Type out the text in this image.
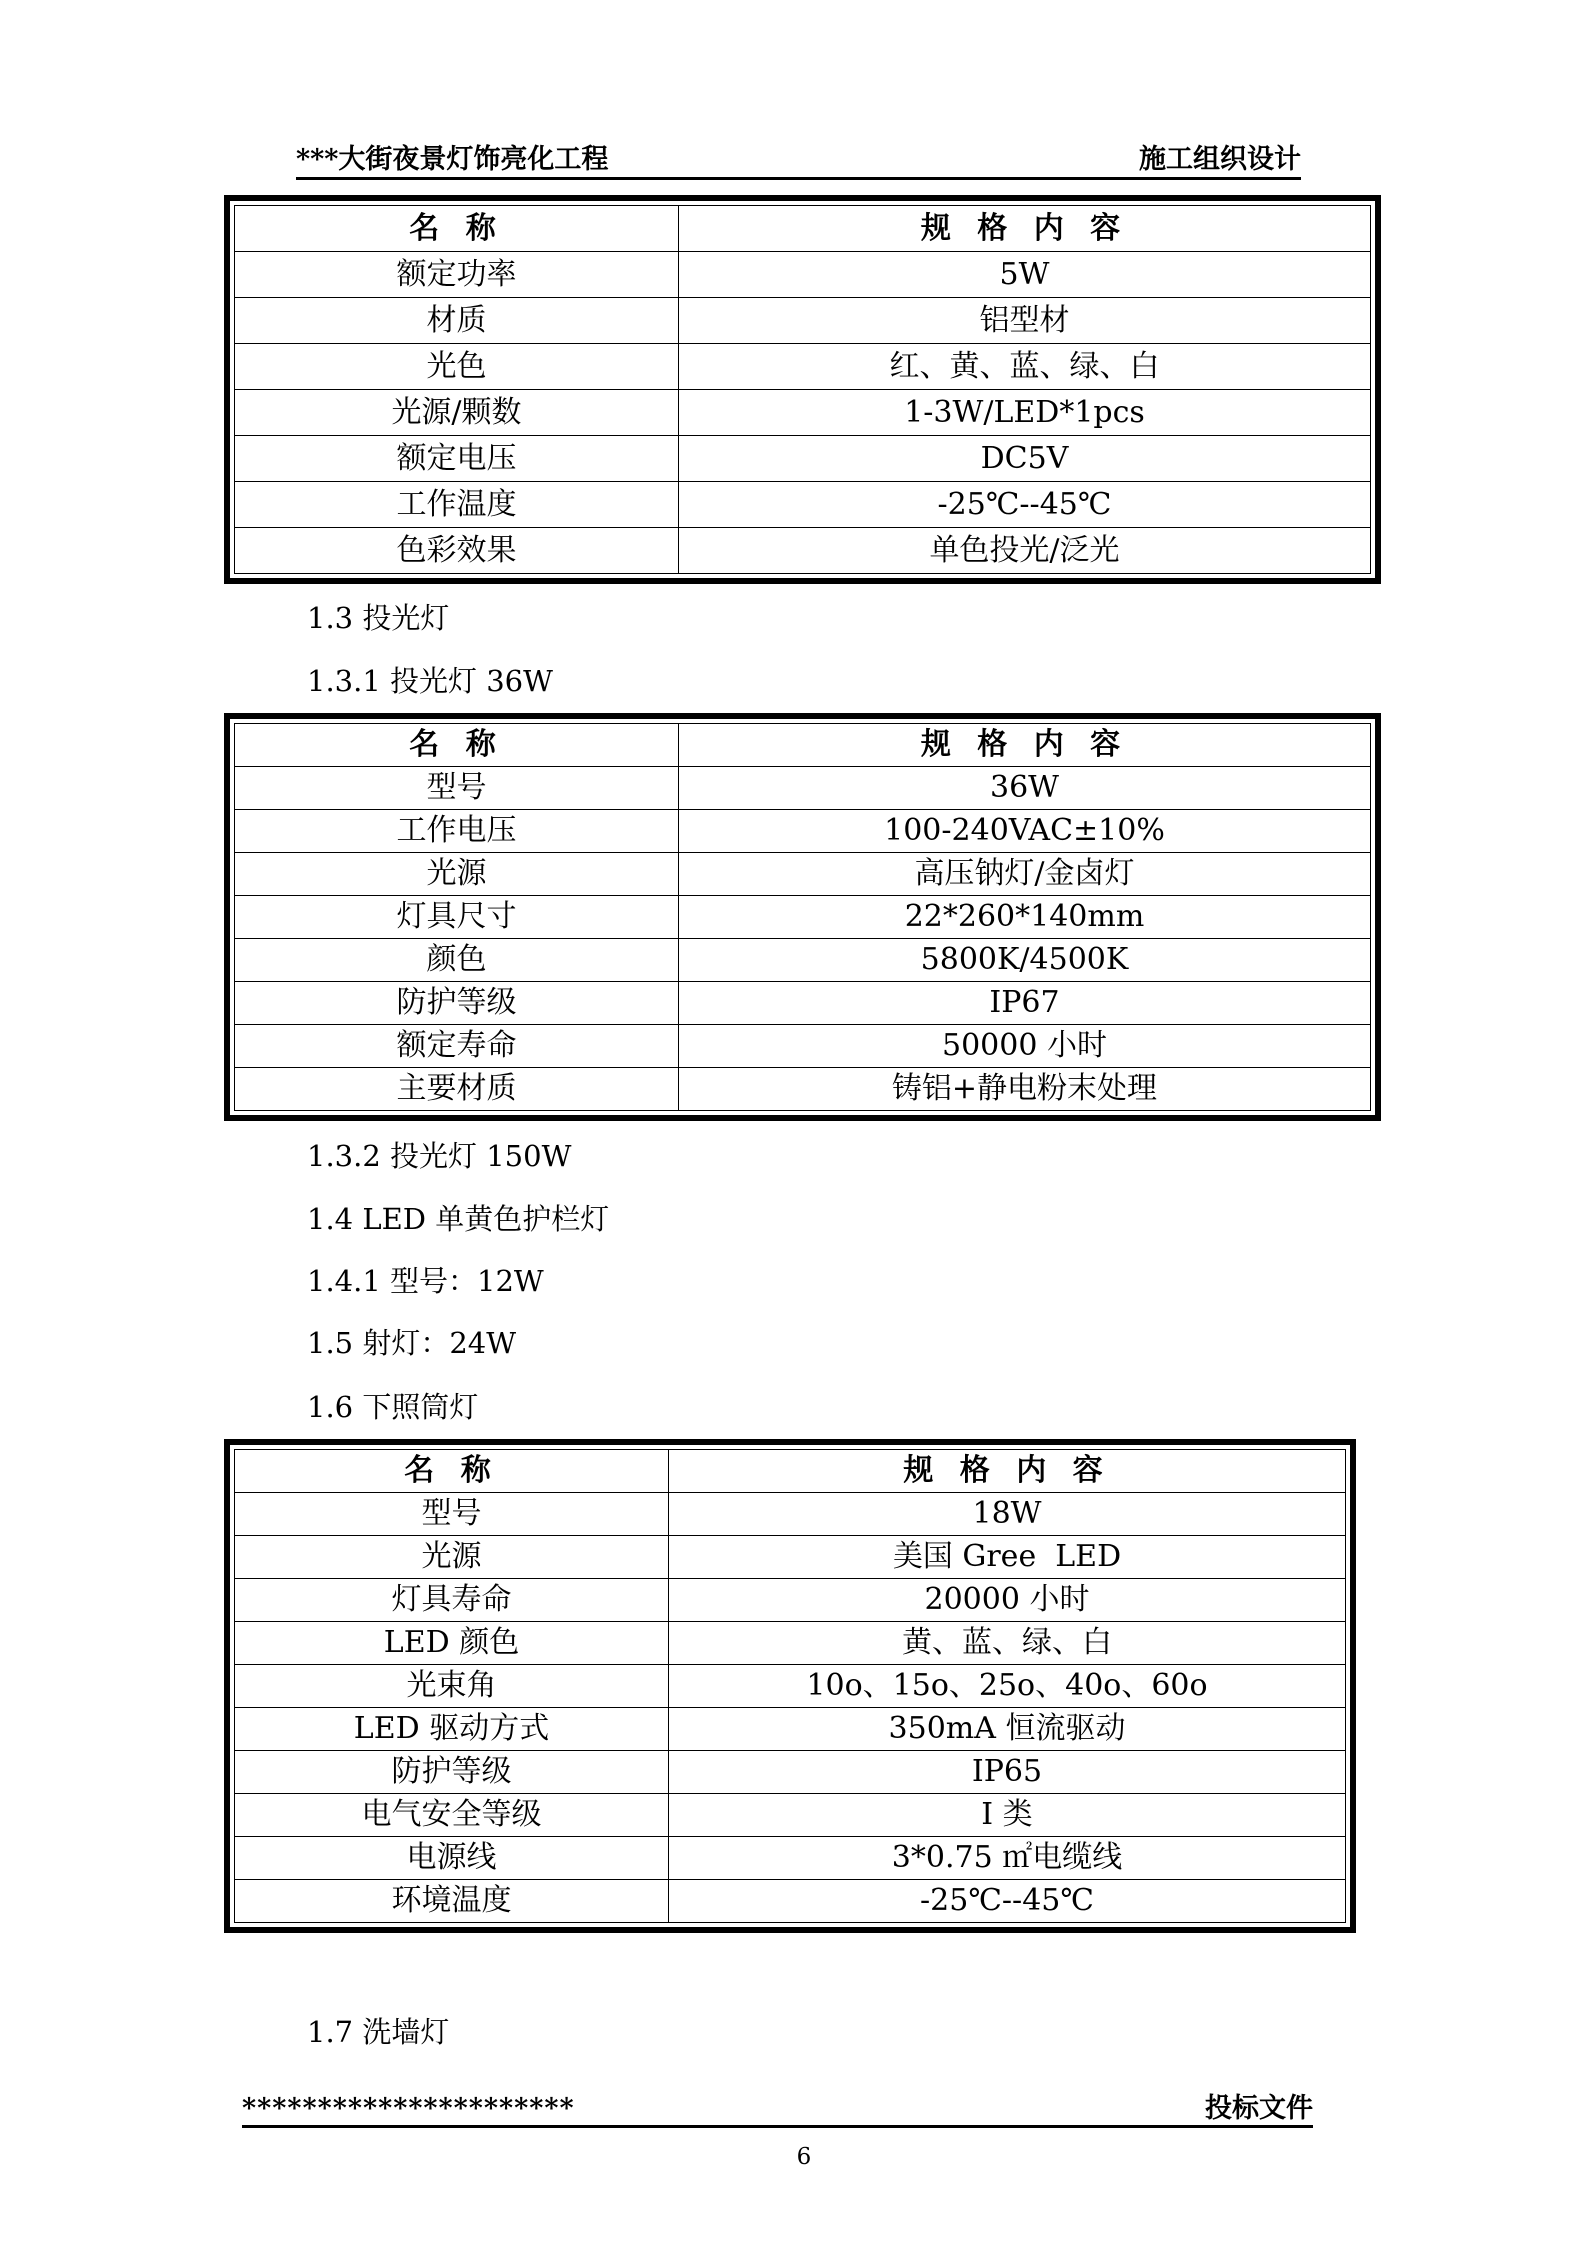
***大街夜景灯饰亮化工程	施工组织设计
名 称	规 格 内 容
额定功率	5W
材质	铝型材
光色	红、黄、蓝、绿、白
光源/颗数	1-3W/LED*1pcs
额定电压	DC5V
工作温度	-25℃--45℃
色彩效果	单色投光/泛光
1.3 投光灯
1.3.1 投光灯 36W
名 称	规 格 内 容
型号	36W
工作电压	100-240VAC±10%
光源	高压钠灯/金卤灯
灯具尺寸	22*260*140mm
颜色	5800K/4500K
防护等级	IP67
额定寿命	50000 小时
主要材质	铸铝+静电粉末处理
1.3.2 投光灯 150W
1.4 LED 单黄色护栏灯
1.4.1 型号：12W
1.5 射灯：24W
1.6 下照筒灯
名 称	规 格 内 容
型号	18W
光源	美国 Gree  LED
灯具寿命	20000 小时
LED 颜色	黄、蓝、绿、白
光束角	10o、15o、25o、40o、60o
LED 驱动方式	350mA 恒流驱动
防护等级	IP65
电气安全等级	I 类
电源线	3*0.75 ㎡电缆线
环境温度	-25℃--45℃
1.7 洗墙灯
**********************	投标文件
6
